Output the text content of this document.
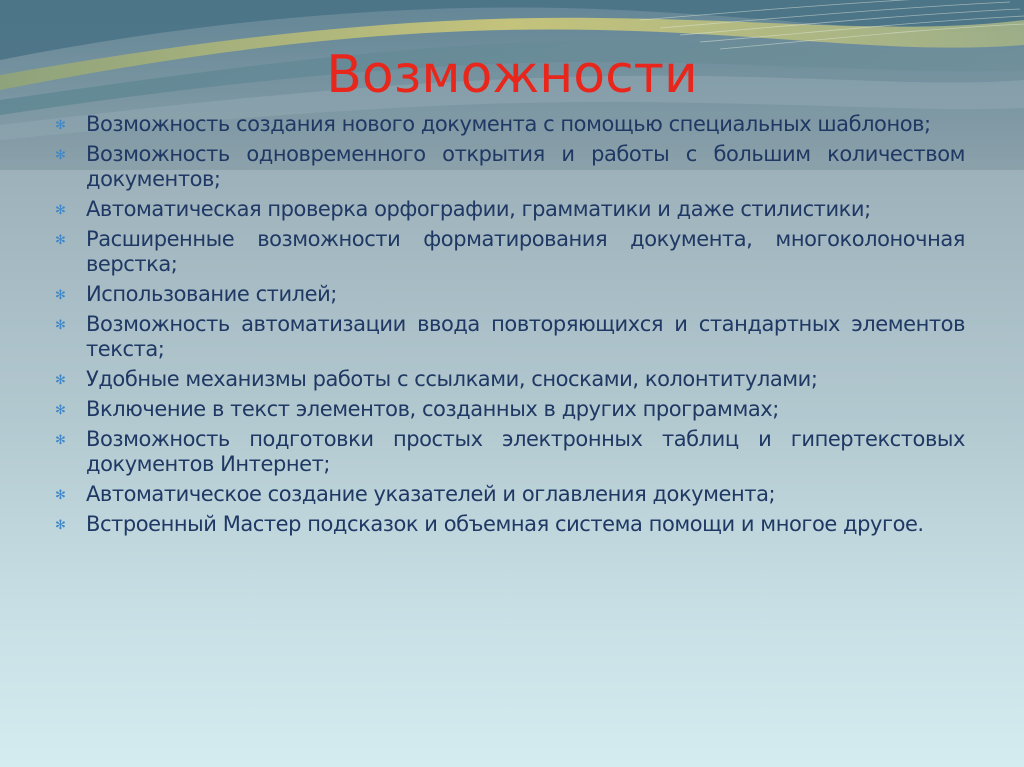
Возможности
✻ Возможность создания нового документа с помощью специальных шаблонов;
✻ Возможность одновременного открытия и работы с большим количеством документов;
✻ Автоматическая проверка орфографии, грамматики и даже стилистики;
✻ Расширенные возможности форматирования документа, многоколоночная верстка;
✻ Использование стилей;
✻ Возможность автоматизации ввода повторяющихся и стандартных элементов текста;
✻ Удобные механизмы работы с ссылками, сносками, колонтитулами;
✻ Включение в текст элементов, созданных в других программах;
✻ Возможность подготовки простых электронных таблиц и гипертекстовых документов Интернет;
✻ Автоматическое создание указателей и оглавления документа;
✻ Встроенный Мастер подсказок и объемная система помощи и многое другое.
